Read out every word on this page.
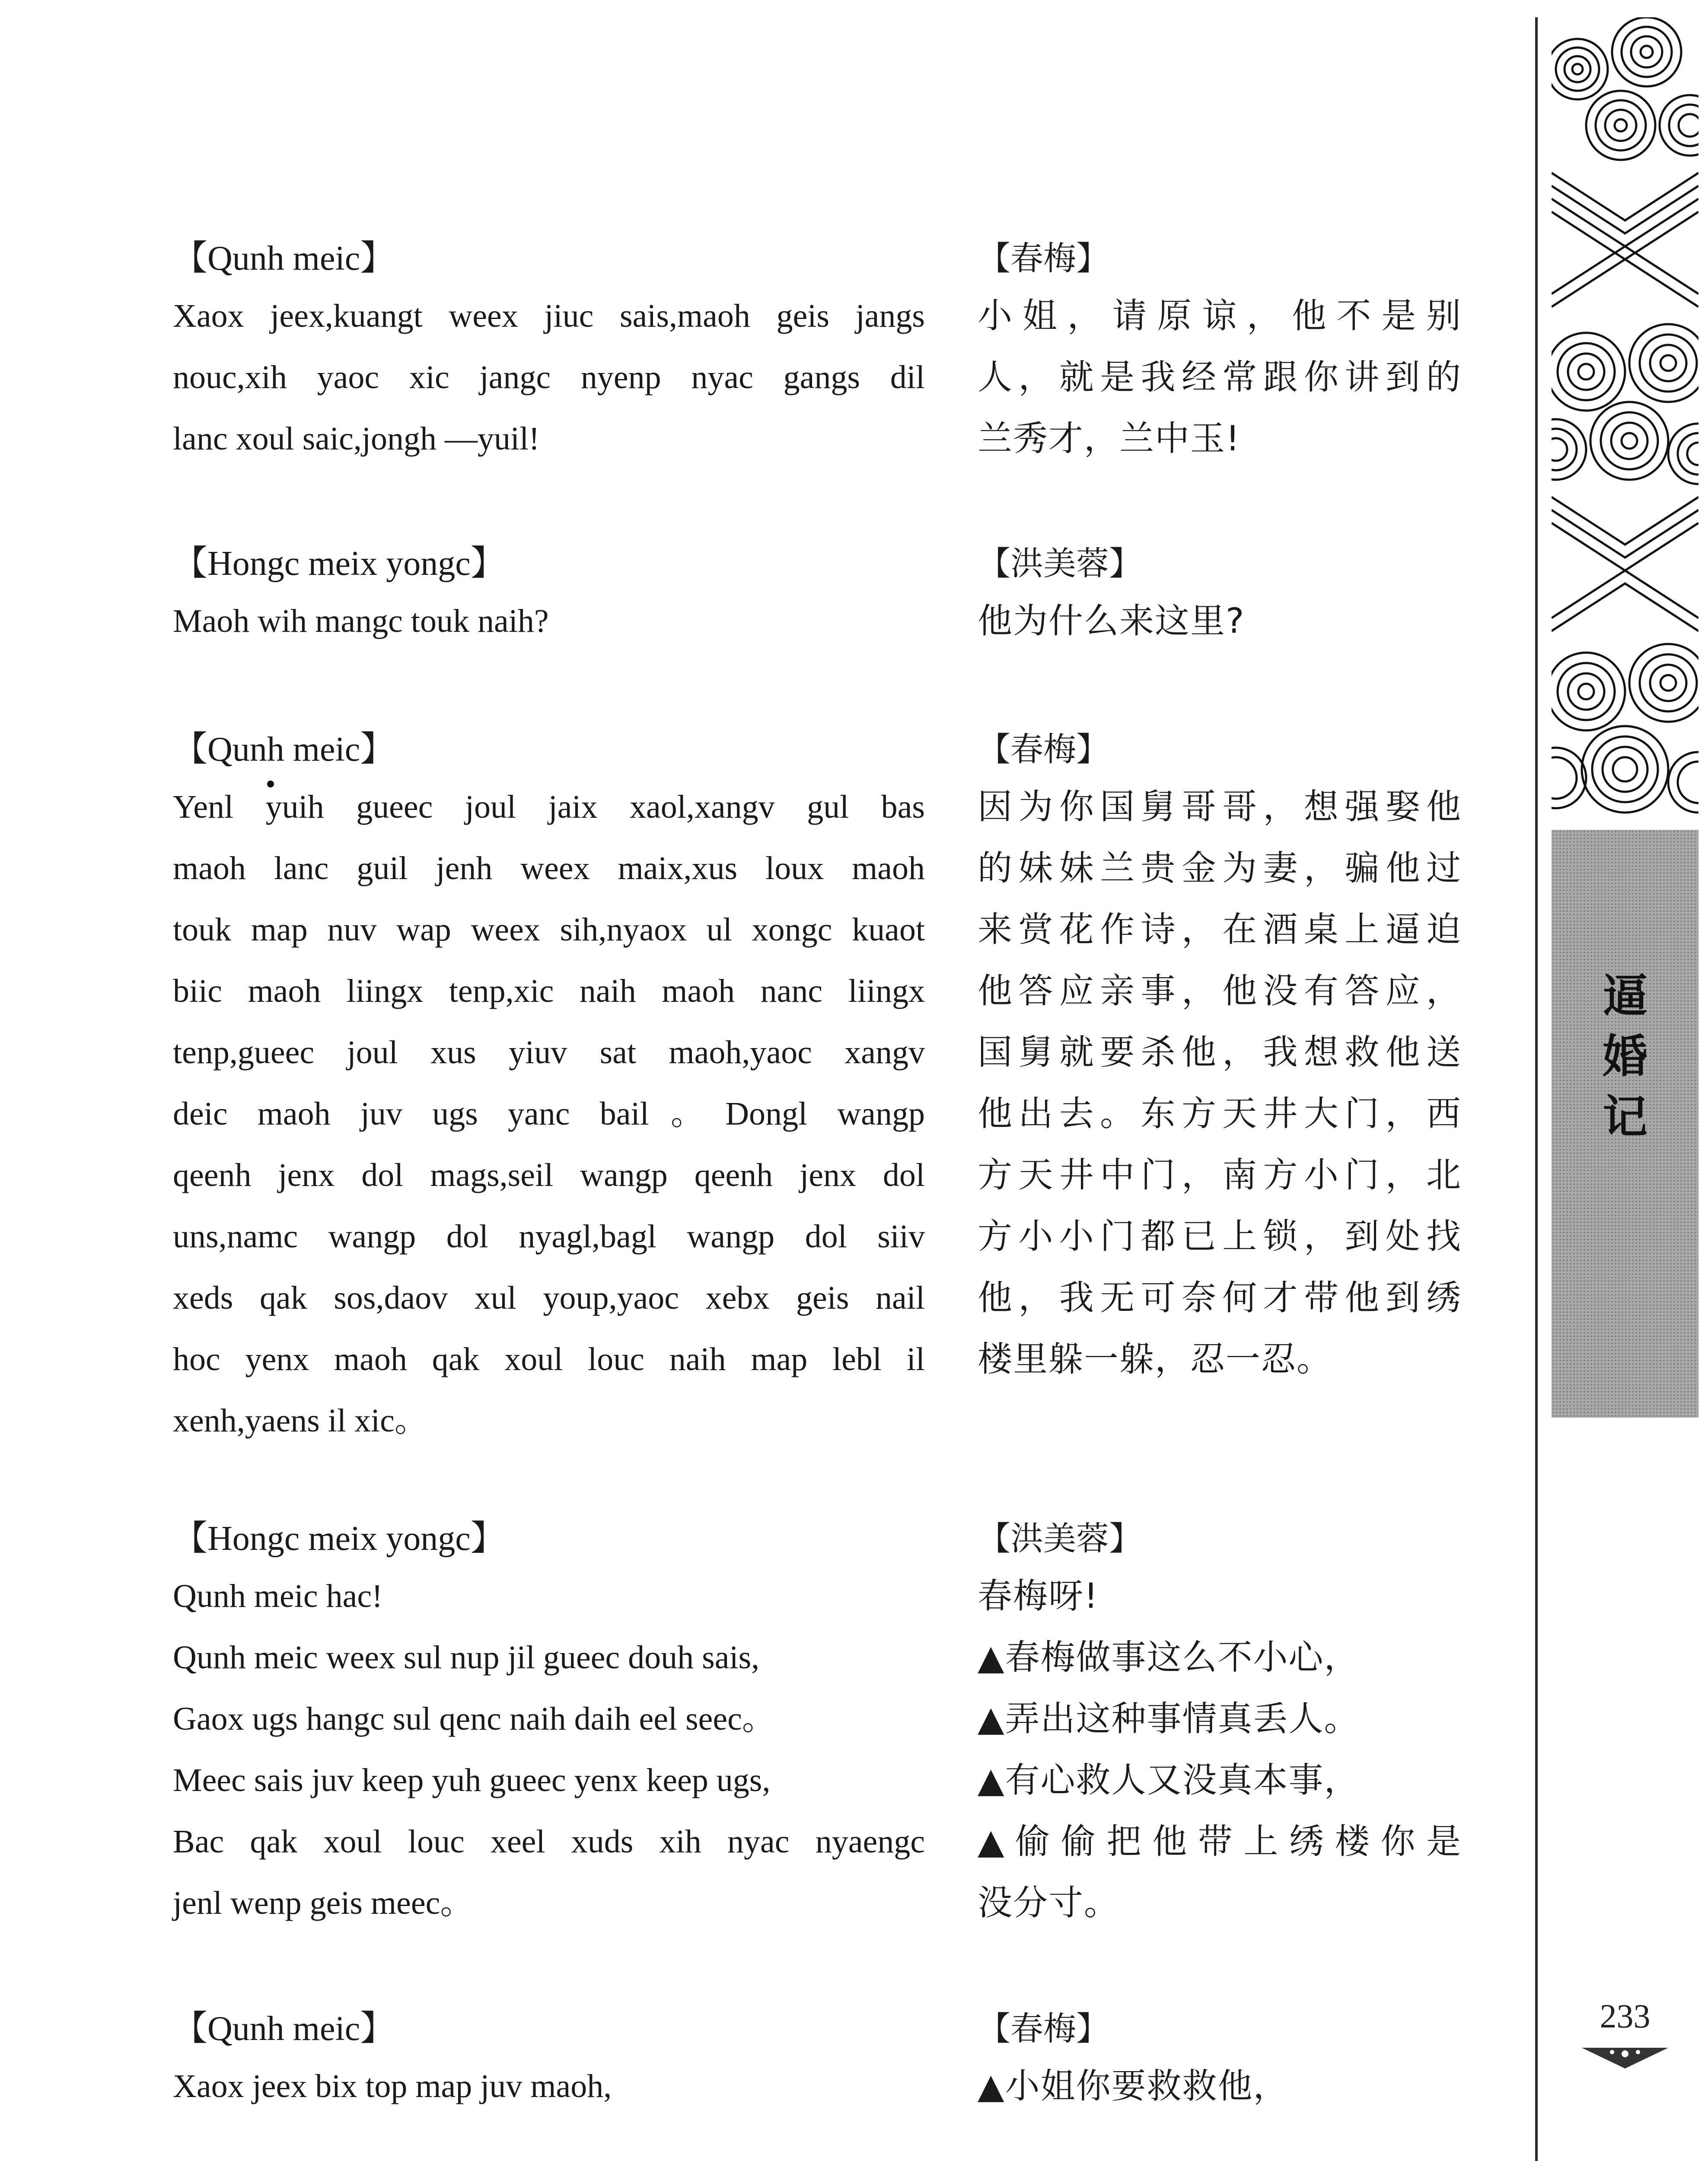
逼
婚
记
233
【Qunh meic】
Xaox jeex,kuangt weex jiuc sais,maoh geis jangs
nouc,xih yaoc xic jangc nyenp nyac gangs dil
lanc xoul saic,jongh —yuil!
【春梅】
小姐，请原谅，他不是别
人，就是我经常跟你讲到的
兰秀才，兰中玉!
【Hongc meix yongc】
Maoh wih mangc touk naih?
【洪美蓉】
他为什么来这里?
【Qunh meic】
Yenl yuih gueec joul jaix xaol,xangv gul bas
maoh lanc guil jenh weex maix,xus loux maoh
touk map nuv wap weex sih,nyaox ul xongc kuaot
biic maoh liingx tenp,xic naih maoh nanc liingx
tenp,gueec joul xus yiuv sat maoh,yaoc xangv
deic maoh juv ugs yanc bail。Dongl wangp
qeenh jenx dol mags,seil wangp qeenh jenx dol
uns,namc wangp dol nyagl,bagl wangp dol siiv
xeds qak sos,daov xul youp,yaoc xebx geis nail
hoc yenx maoh qak xoul louc naih map lebl il
xenh,yaens il xic。
【春梅】
因为你国舅哥哥，想强娶他
的妹妹兰贵金为妻，骗他过
来赏花作诗，在酒桌上逼迫
他答应亲事，他没有答应，
国舅就要杀他，我想救他送
他出去。东方天井大门，西
方天井中门，南方小门，北
方小小门都已上锁，到处找
他，我无可奈何才带他到绣
楼里躲一躲，忍一忍。
【Hongc meix yongc】
Qunh meic hac!
Qunh meic weex sul nup jil gueec douh sais,
Gaox ugs hangc sul qenc naih daih eel seec。
Meec sais juv keep yuh gueec yenx keep ugs,
Bac qak xoul louc xeel xuds xih nyac nyaengc
jenl wenp geis meec。
【洪美蓉】
春梅呀!
▲春梅做事这么不小心，
▲弄出这种事情真丢人。
▲有心救人又没真本事，
▲偷偷把他带上绣楼你是
没分寸。
【Qunh meic】
Xaox jeex bix top map juv maoh,
【春梅】
▲小姐你要救救他，
